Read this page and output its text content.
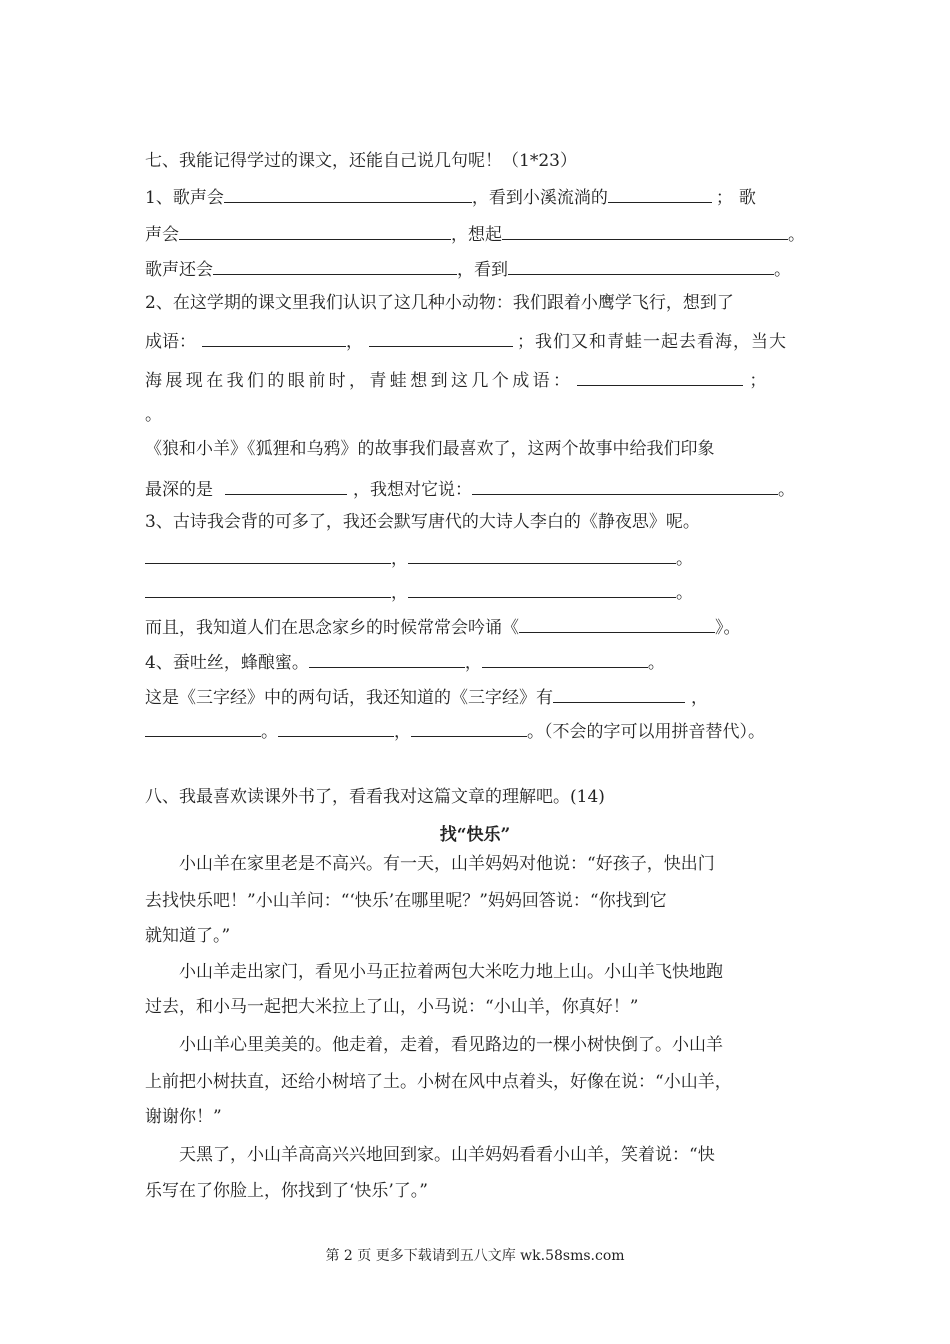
七、我能记得学过的课文，还能自己说几句呢！（1*23）
1、歌声会	，看到小溪流淌的	；歌
声会	，想起	。
歌声还会	，看到	。
2、在这学期的课文里我们认识了这几种小动物：我们跟着小鹰学飞行，想到了
成语：	，	；我们又和青蛙一起去看海，当大
海展现在我们的眼前时，青蛙想到这几个成语：	；
。
《狼和小羊》《狐狸和乌鸦》的故事我们最喜欢了，这两个故事中给我们印象
最深的是	，我想对它说：	。
3、古诗我会背的可多了，我还会默写唐代的大诗人李白的《静夜思》呢。
，	。
，	。
而且，我知道人们在思念家乡的时候常常会吟诵《	》。
4、蚕吐丝，蜂酿蜜。	，	。
这是《三字经》中的两句话，我还知道的《三字经》有	，
。	，	。（不会的字可以用拼音替代）。
八、我最喜欢读课外书了，看看我对这篇文章的理解吧。(14)
找“快乐”
　　小山羊在家里老是不高兴。有一天，山羊妈妈对他说：“好孩子，快出门
去找快乐吧！”小山羊问：“‘快乐’在哪里呢？”妈妈回答说：“你找到它
就知道了。”
　　小山羊走出家门，看见小马正拉着两包大米吃力地上山。小山羊飞快地跑
过去，和小马一起把大米拉上了山，小马说：“小山羊，你真好！”
　　小山羊心里美美的。他走着，走着，看见路边的一棵小树快倒了。小山羊
上前把小树扶直，还给小树培了土。小树在风中点着头，好像在说：“小山羊，
谢谢你！”
　　天黑了，小山羊高高兴兴地回到家。山羊妈妈看看小山羊，笑着说：“快
乐写在了你脸上，你找到了‘快乐’了。”
第 2 页 更多下载请到五八文库 wk.58sms.com
